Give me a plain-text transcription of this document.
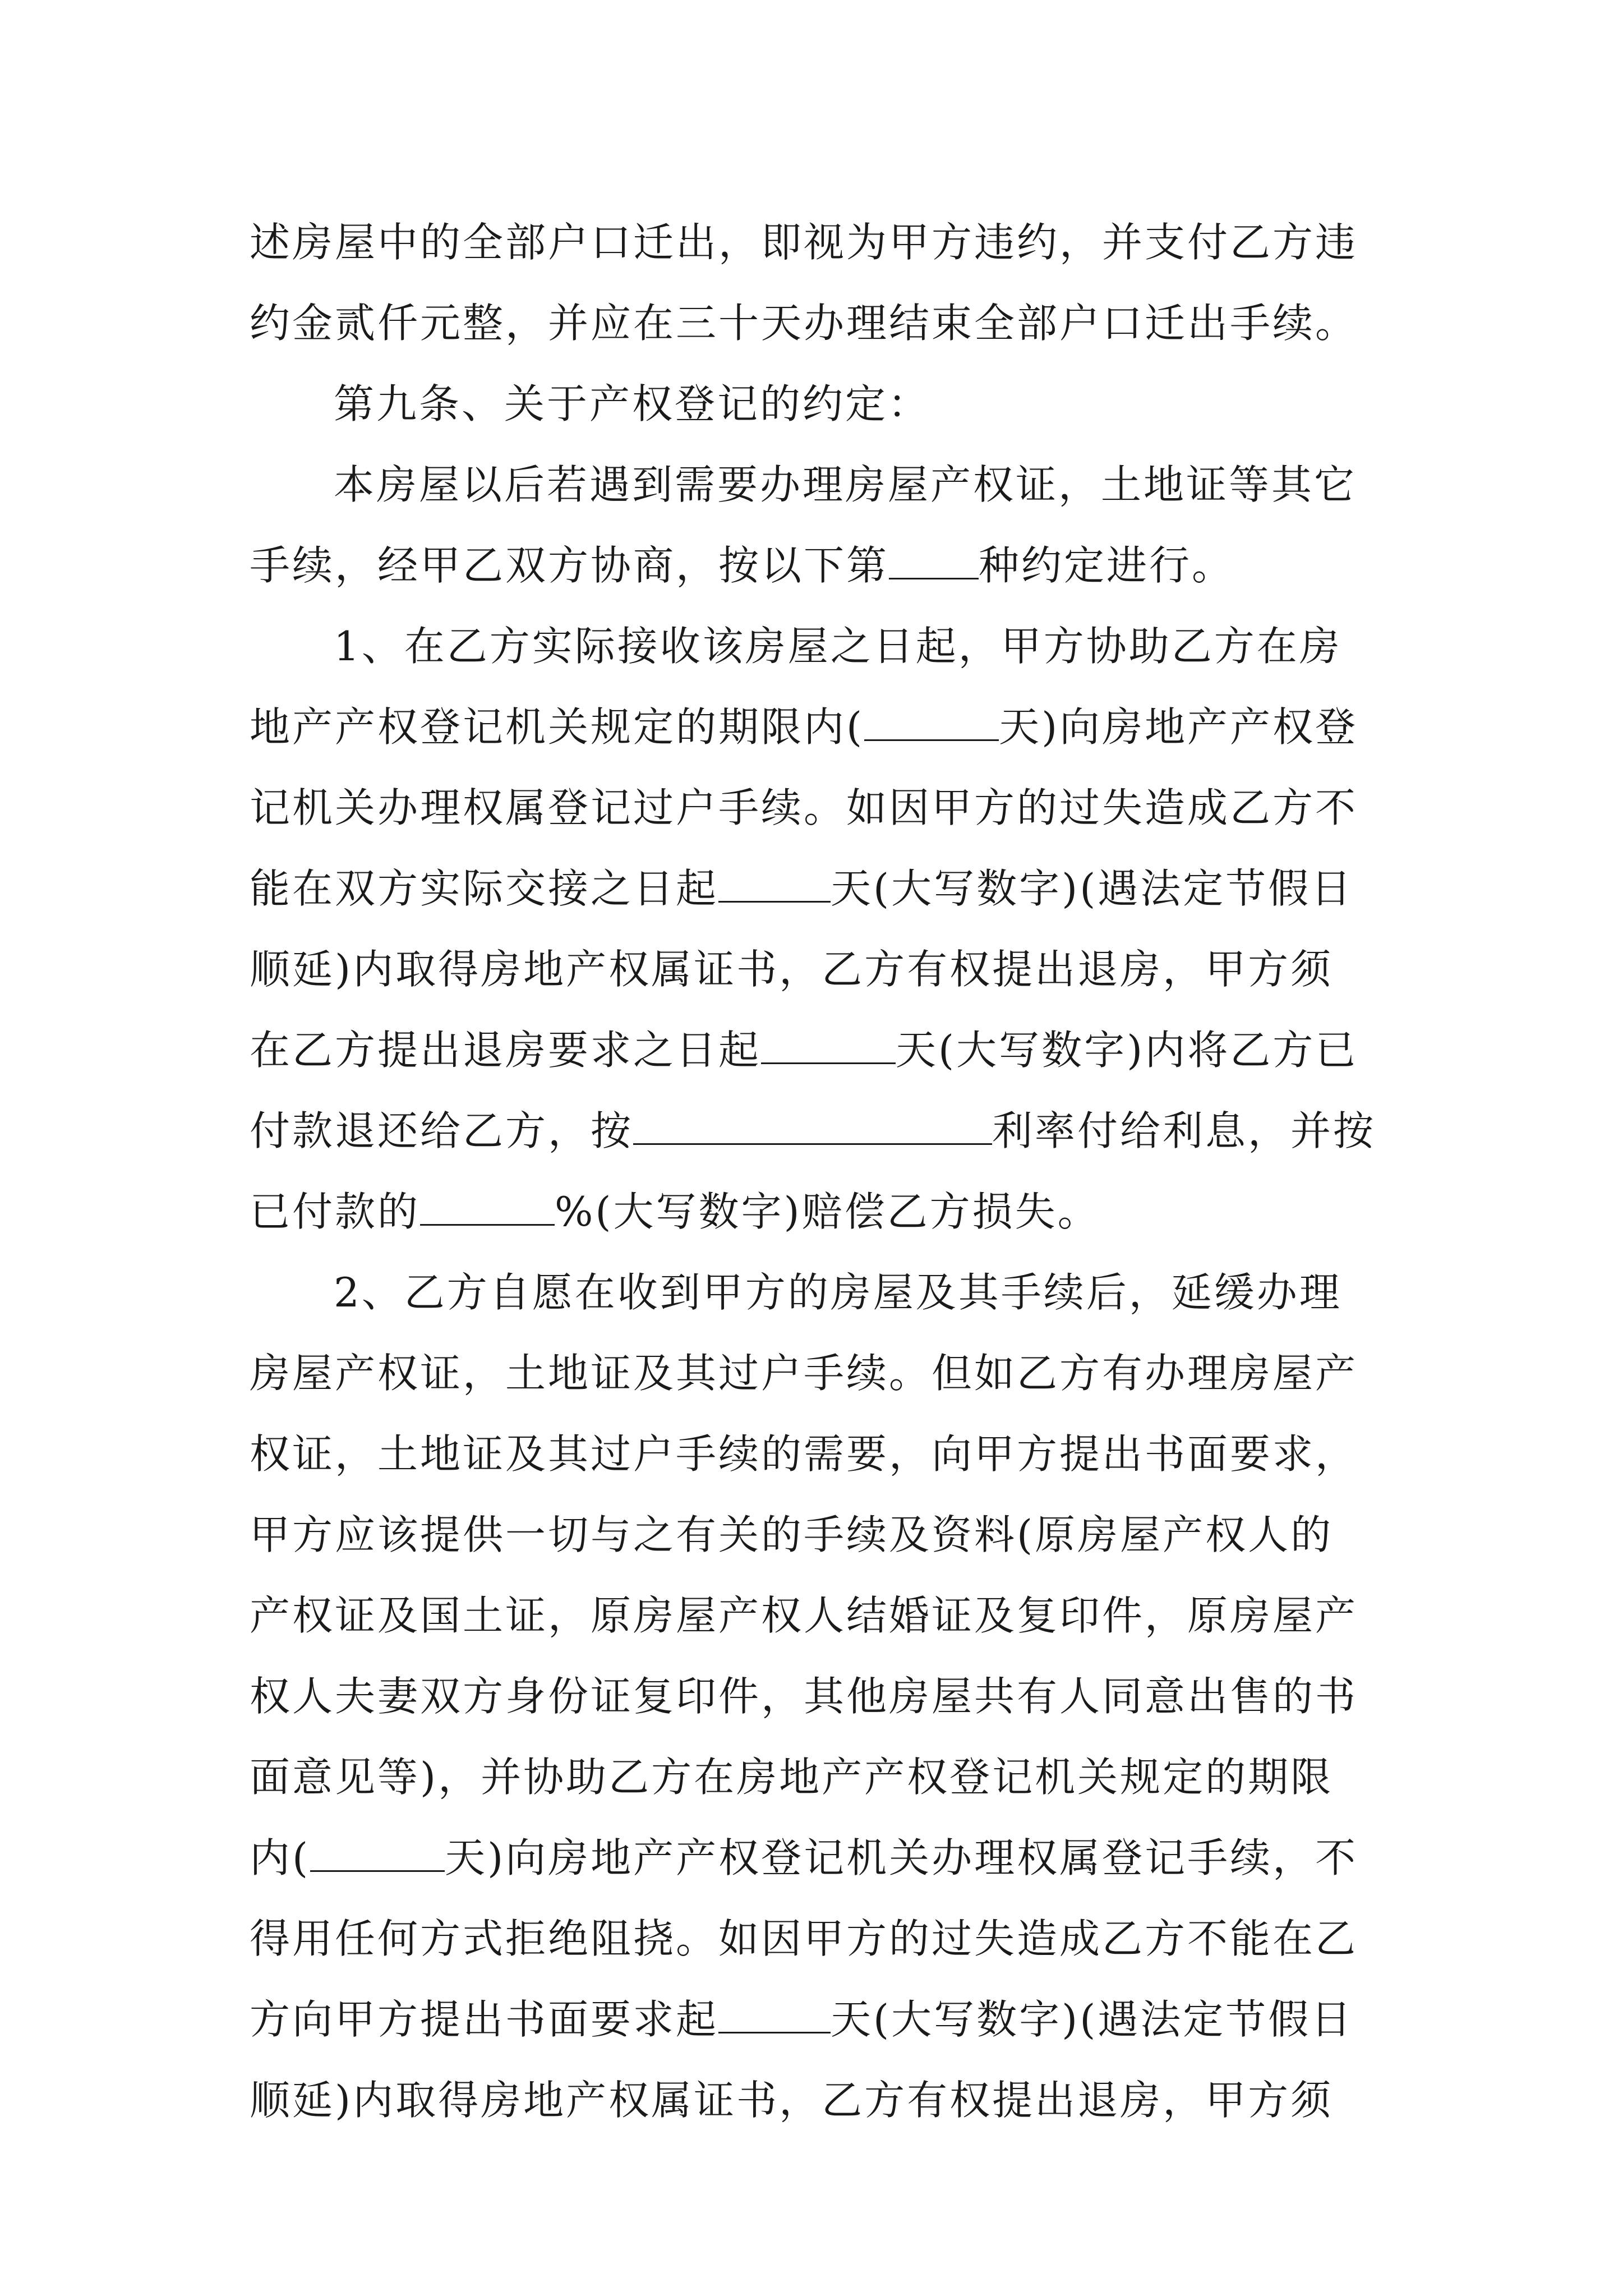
述房屋中的全部户口迁出，即视为甲方违约，并支付乙方违
约金贰仟元整，并应在三十天办理结束全部户口迁出手续。
第九条、关于产权登记的约定：
本房屋以后若遇到需要办理房屋产权证，土地证等其它
手续，经甲乙双方协商，按以下第 种约定进行。
1、在乙方实际接收该房屋之日起，甲方协助乙方在房
地产产权登记机关规定的期限内(	天)向房地产产权登
记机关办理权属登记过户手续。如因甲方的过失造成乙方不
能在双方实际交接之日起	天(大写数字)(遇法定节假日
顺延)内取得房地产权属证书，乙方有权提出退房，甲方须
在乙方提出退房要求之日起	天(大写数字)内将乙方已
付款退还给乙方，按	利率付给利息，并按
已付款的	%(大写数字)赔偿乙方损失。
2、乙方自愿在收到甲方的房屋及其手续后，延缓办理
房屋产权证，土地证及其过户手续。但如乙方有办理房屋产
权证，土地证及其过户手续的需要，向甲方提出书面要求，
甲方应该提供一切与之有关的手续及资料(原房屋产权人的
产权证及国土证，原房屋产权人结婚证及复印件，原房屋产
权人夫妻双方身份证复印件，其他房屋共有人同意出售的书
面意见等)，并协助乙方在房地产产权登记机关规定的期限
内(	天)向房地产产权登记机关办理权属登记手续，不
得用任何方式拒绝阻挠。如因甲方的过失造成乙方不能在乙
方向甲方提出书面要求起	天(大写数字)(遇法定节假日
顺延)内取得房地产权属证书，乙方有权提出退房，甲方须
